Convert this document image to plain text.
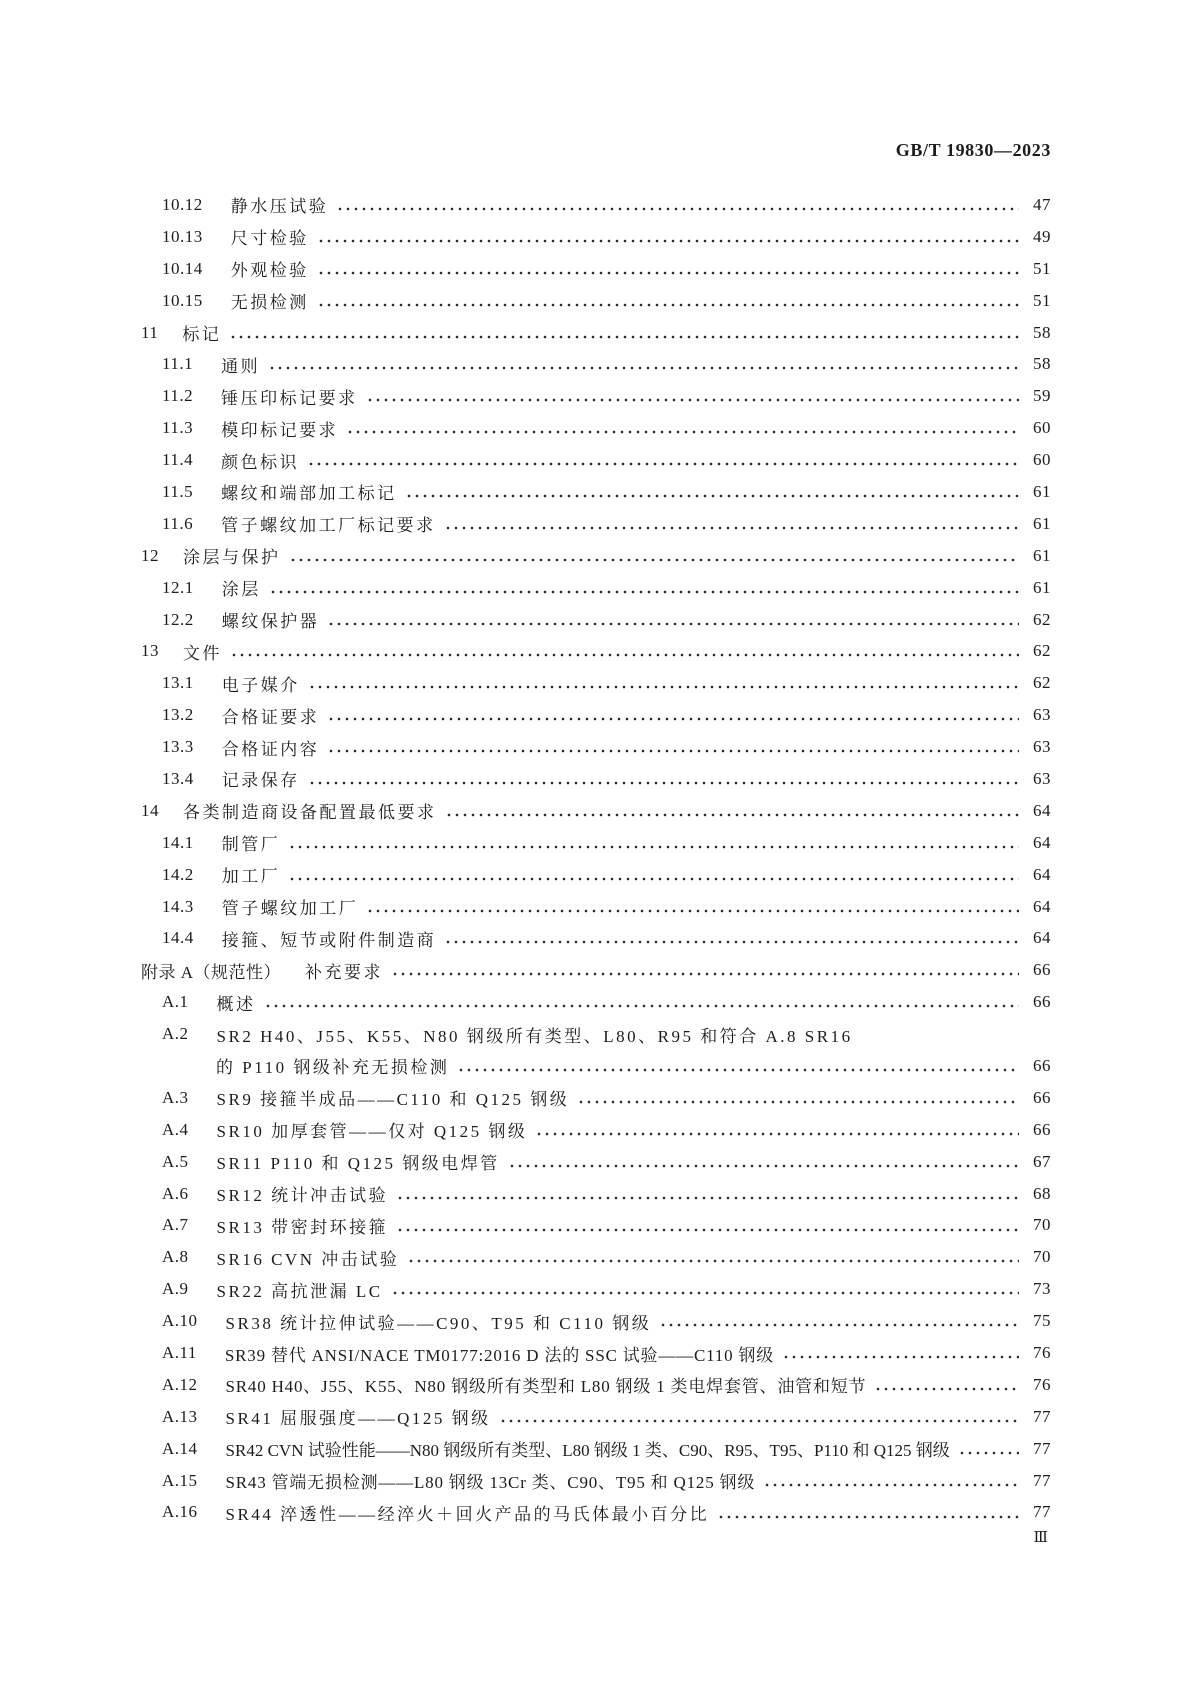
GB/T 19830—2023
10.12 静水压试验	47
10.13 尺寸检验	49
10.14 外观检验	51
10.15 无损检测	51
11 标记	58
11.1 通则	58
11.2 锤压印标记要求	59
11.3 模印标记要求	60
11.4 颜色标识	60
11.5 螺纹和端部加工标记	61
11.6 管子螺纹加工厂标记要求	61
12 涂层与保护	61
12.1 涂层	61
12.2 螺纹保护器	62
13 文件	62
13.1 电子媒介	62
13.2 合格证要求	63
13.3 合格证内容	63
13.4 记录保存	63
14 各类制造商设备配置最低要求	64
14.1 制管厂	64
14.2 加工厂	64
14.3 管子螺纹加工厂	64
14.4 接箍、短节或附件制造商	64
附录 A（规范性） 补充要求	66
A.1 概述	66
A.2 SR2 H40、J55、K55、N80 钢级所有类型、L80、R95 和符合 A.8 SR16
的 P110 钢级补充无损检测	66
A.3 SR9 接箍半成品——C110 和 Q125 钢级	66
A.4 SR10 加厚套管——仅对 Q125 钢级	66
A.5 SR11 P110 和 Q125 钢级电焊管	67
A.6 SR12 统计冲击试验	68
A.7 SR13 带密封环接箍	70
A.8 SR16 CVN 冲击试验	70
A.9 SR22 高抗泄漏 LC	73
A.10 SR38 统计拉伸试验——C90、T95 和 C110 钢级	75
A.11 SR39 替代 ANSI/NACE TM0177:2016 D 法的 SSC 试验——C110 钢级	76
A.12 SR40 H40、J55、K55、N80 钢级所有类型和 L80 钢级 1 类电焊套管、油管和短节	76
A.13 SR41 屈服强度——Q125 钢级	77
A.14 SR42 CVN 试验性能——N80 钢级所有类型、L80 钢级 1 类、C90、R95、T95、P110 和 Q125 钢级	77
A.15 SR43 管端无损检测——L80 钢级 13Cr 类、C90、T95 和 Q125 钢级	77
A.16 SR44 淬透性——经淬火＋回火产品的马氏体最小百分比	77
Ⅲ
